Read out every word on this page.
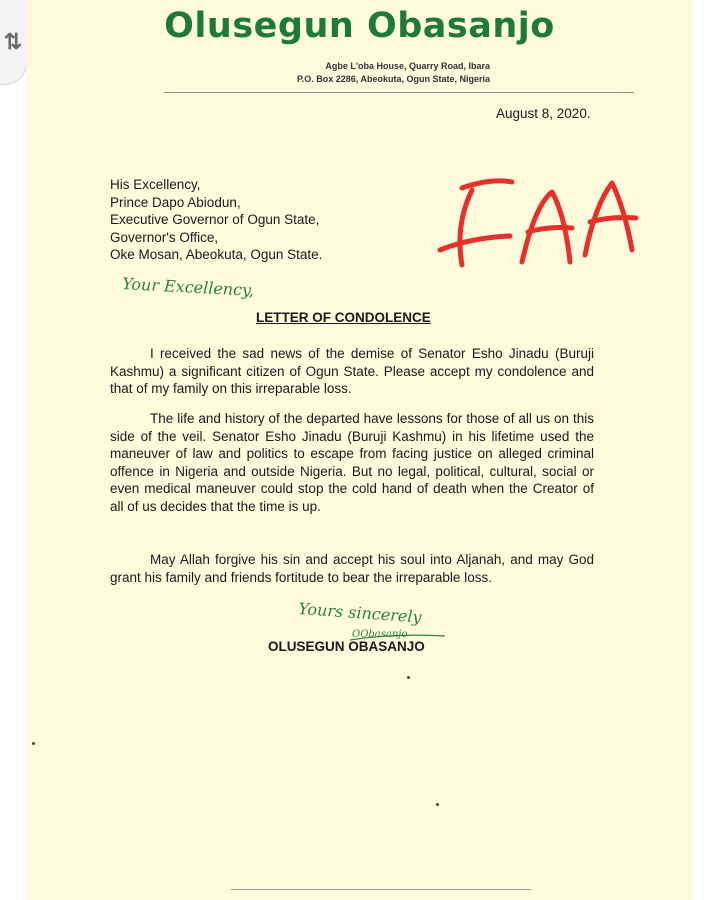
⇅	Olusegun Obasanjo
Agbe L'oba House, Quarry Road, Ibara
P.O. Box 2286, Abeokuta, Ogun State, Nigeria
August 8, 2020.
His Excellency,
Prince Dapo Abiodun,
Executive Governor of Ogun State,
Governor's Office,
Oke Mosan, Abeokuta, Ogun State.
LETTER OF CONDOLENCE
I received the sad news of the demise of Senator Esho Jinadu (Buruji Kashmu) a significant citizen of Ogun State. Please accept my condolence and that of my family on this irreparable loss.
The life and history of the departed have lessons for those of all us on this side of the veil. Senator Esho Jinadu (Buruji Kashmu) in his lifetime used the maneuver of law and politics to escape from facing justice on alleged criminal offence in Nigeria and outside Nigeria. But no legal, political, cultural, social or even medical maneuver could stop the cold hand of death when the Creator of all of us decides that the time is up.
May Allah forgive his sin and accept his soul into Aljanah, and may God grant his family and friends fortitude to bear the irreparable loss.
OLUSEGUN OBASANJO
Your Excellency,
Yours sincerely
OObasanjo
